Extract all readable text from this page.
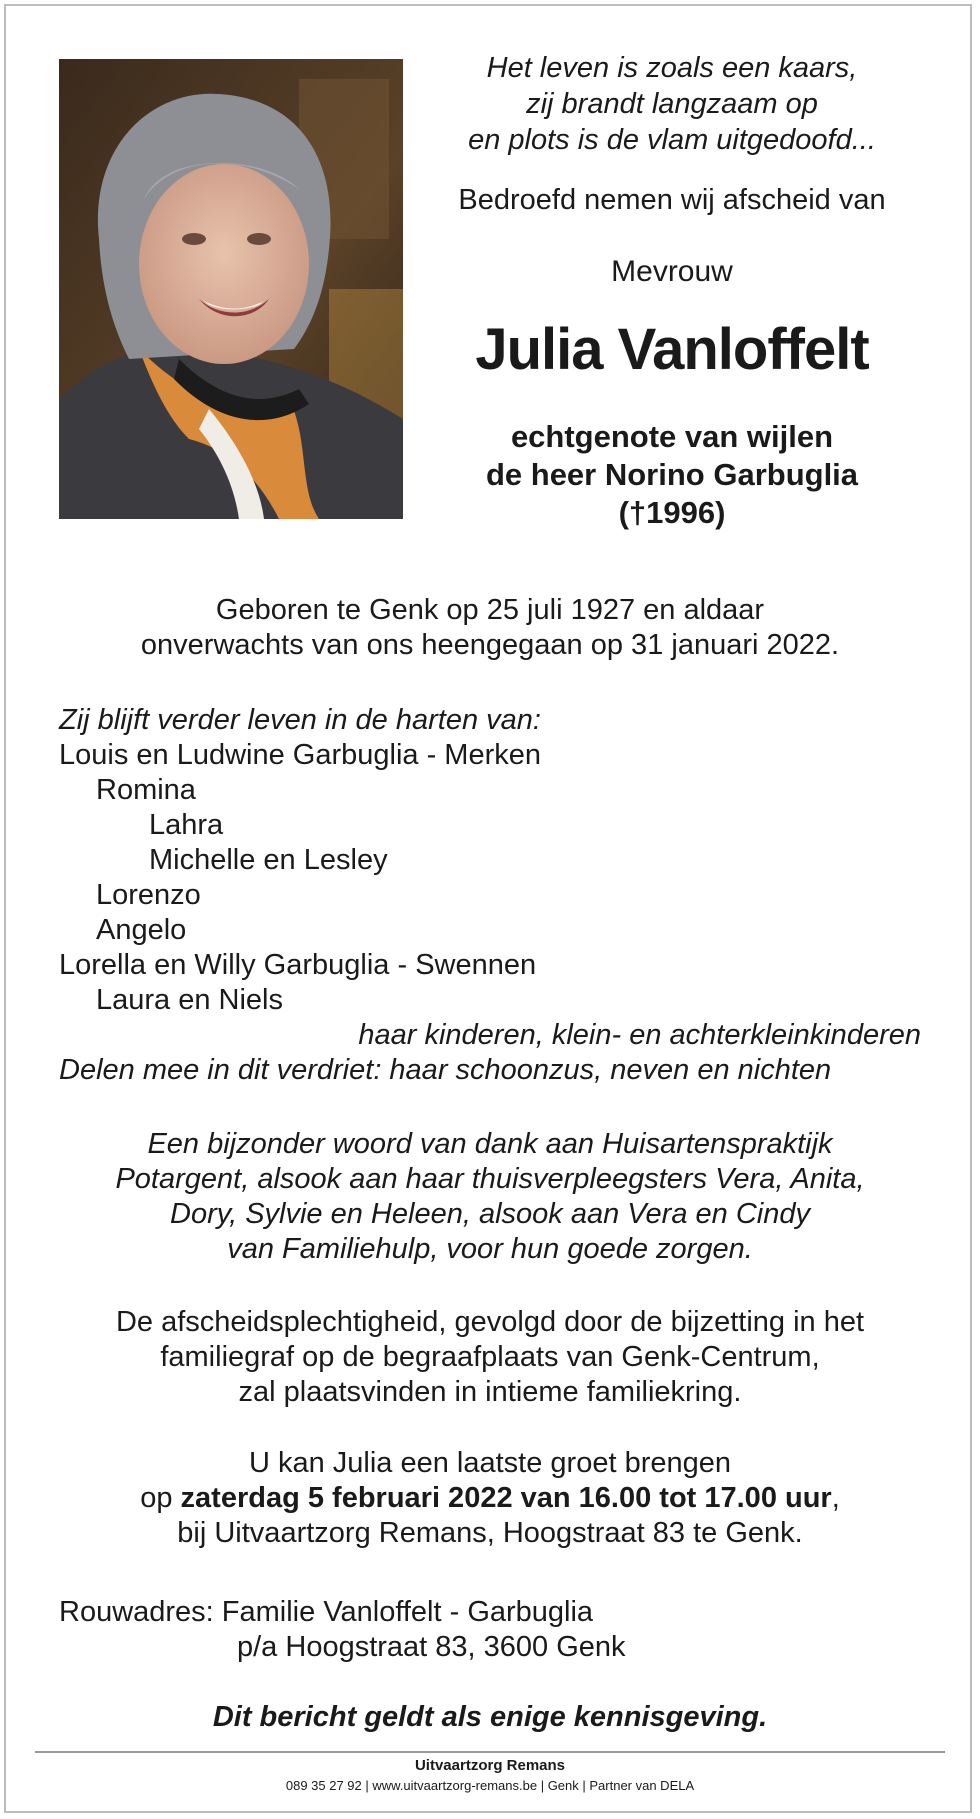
Het leven is zoals een kaars,
zij brandt langzaam op
en plots is de vlam uitgedoofd...
Bedroefd nemen wij afscheid van
Mevrouw
Julia Vanloffelt
echtgenote van wijlen
de heer Norino Garbuglia
(†1996)
Geboren te Genk op 25 juli 1927 en aldaar
onverwachts van ons heengegaan op 31 januari 2022.
Zij blijft verder leven in de harten van:
Louis en Ludwine Garbuglia - Merken
Romina
Lahra
Michelle en Lesley
Lorenzo
Angelo
Lorella en Willy Garbuglia - Swennen
Laura en Niels
haar kinderen, klein- en achterkleinkinderen
Delen mee in dit verdriet: haar schoonzus, neven en nichten
Een bijzonder woord van dank aan Huisartenspraktijk
Potargent, alsook aan haar thuisverpleegsters Vera, Anita,
Dory, Sylvie en Heleen, alsook aan Vera en Cindy
van Familiehulp, voor hun goede zorgen.
De afscheidsplechtigheid, gevolgd door de bijzetting in het
familiegraf op de begraafplaats van Genk-Centrum,
zal plaatsvinden in intieme familiekring.
U kan Julia een laatste groet brengen
op zaterdag 5 februari 2022 van 16.00 tot 17.00 uur,
bij Uitvaartzorg Remans, Hoogstraat 83 te Genk.
Rouwadres: Familie Vanloffelt - Garbuglia
p/a Hoogstraat 83, 3600 Genk
Dit bericht geldt als enige kennisgeving.
Uitvaartzorg Remans
089 35 27 92 | www.uitvaartzorg-remans.be | Genk | Partner van DELA
